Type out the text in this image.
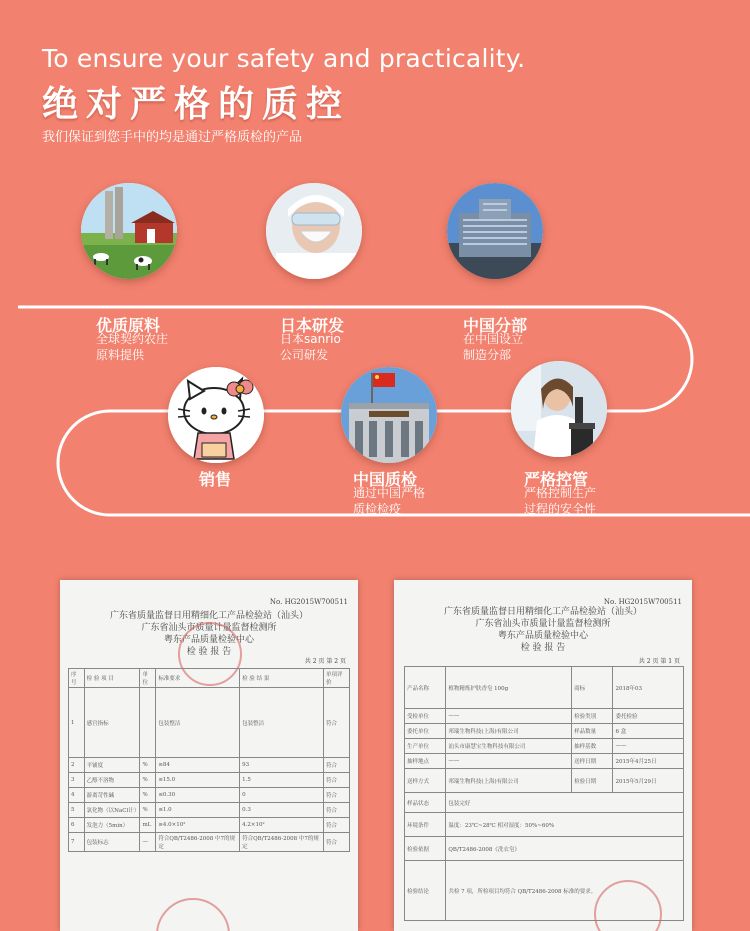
To ensure your safety and practicality.
绝对严格的质控
我们保证到您手中的均是通过严格质检的产品
优质原料
全球契约农庄
原料提供
日本研发
日本sanrio
公司研发
中国分部
在中国设立
制造分部
销售	中国质检
通过中国严格
质检检疫
严格控管
严格控制生产
过程的安全性
No. HG2015W700511
广东省质量监督日用精细化工产品检验站（汕头）
广东省汕头市质量计量监督检测所
粤东产品质量检验中心
检 验 报 告
共 2 页 第 2 页
序号	检 验 项 目	单位	标准要求	检 验 结 果	单项评价
1	感官指标		包装整洁	包装整洁	符合
2	平铺度	%	≥84	93	符合
3	乙醇不溶物	%	≤15.0	1.5	符合
4	游离苛性碱	%	≤0.30	0	符合
5	氯化物（以NaCl计）	%	≤1.0	0.3	符合
6	发泡力（5min）	mL	≥4.0×10²	4.2×10²	符合
7	包装标志	—	符合QB/T2486-2008 中7的规定	符合QB/T2486-2008 中7的规定	符合
No. HG2015W700511
广东省质量监督日用精细化工产品检验站（汕头）
广东省汕头市质量计量监督检测所
粤东产品质量检验中心
检 验 报 告
共 2 页 第 1 页
产品名称	植物精炼护肤香皂 100g	商标	2018年03
受检单位	——	检验类别	委托检验
委托单位	邦瑞生物科技(上海)有限公司	样品数量	6 盒
生产单位	汕头市康慧宝生物科技有限公司	抽样基数	——
抽样地点	——	送样日期	2015年4月25日
送样方式	邦瑞生物科技(上海)有限公司	检验日期	2015年5月29日
样品状态	包装完好		
环境条件	温度：23℃~28℃ 相对湿度：50%~60%		
检验依据	QB/T2486-2008《洗衣皂》		
检验结论	共检 7 项，所检项目均符合 QB/T2486-2008 标准的要求。		
